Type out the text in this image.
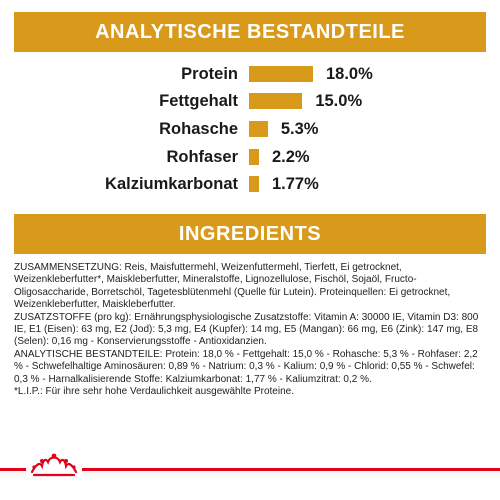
ANALYTISCHE BESTANDTEILE
Protein	18.0%
Fettgehalt	15.0%
Rohasche	5.3%
Rohfaser 2.2%
Kalziumkarbonat 1.77%
INGREDIENTS

ZUSAMMENSETZUNG: Reis, Maisfuttermehl, Weizenfuttermehl, Tierfett, Ei getrocknet, Weizenkleberfutter*, Maiskleberfutter, Mineralstoffe, Lignozellulose, Fischöl, Sojaöl, Fructo-Oligosaccharide, Borretschöl, Tagetesblütenmehl (Quelle für Lutein). Proteinquellen: Ei getrocknet, Weizenkleberfutter, Maiskleberfutter.

ZUSATZSTOFFE (pro kg): Ernährungsphysiologische Zusatzstoffe: Vitamin A: 30000 IE, Vitamin D3: 800 IE, E1 (Eisen): 63 mg, E2 (Jod): 5,3 mg, E4 (Kupfer): 14 mg, E5 (Mangan): 66 mg, E6 (Zink): 147 mg, E8 (Selen): 0,16 mg - Konservierungsstoffe - Antioxidanzien.

ANALYTISCHE BESTANDTEILE: Protein: 18,0 % - Fettgehalt: 15,0 % - Rohasche: 5,3 % - Rohfaser: 2,2 % - Schwefelhaltige Aminosäuren: 0,89 % - Natrium: 0,3 % - Kalium: 0,9 % - Chlorid: 0,55 % - Schwefel: 0,3 % - Harnalkalisierende Stoffe: Kalziumkarbonat: 1,77 % - Kaliumzitrat: 0,2 %.

*L.I.P.: Für ihre sehr hohe Verdaulichkeit ausgewählte Proteine.
